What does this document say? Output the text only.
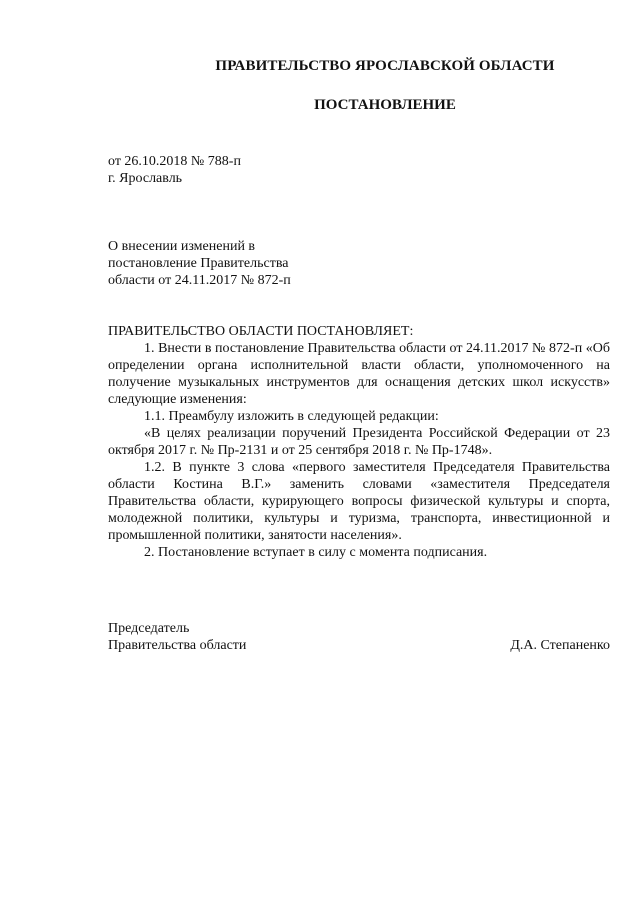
ПРАВИТЕЛЬСТВО ЯРОСЛАВСКОЙ ОБЛАСТИ
ПОСТАНОВЛЕНИЕ
от 26.10.2018 № 788-п
г. Ярославль
О внесении изменений в
постановление Правительства
области от 24.11.2017 № 872-п

ПРАВИТЕЛЬСТВО ОБЛАСТИ ПОСТАНОВЛЯЕТ:

1. Внести в постановление Правительства области от 24.11.2017 № 872-п «Об определении органа исполнительной власти области, уполномоченного на получение музыкальных инструментов для оснащения детских школ искусств» следующие изменения:

1.1. Преамбулу изложить в следующей редакции:

«В целях реализации поручений Президента Российской Федерации от 23 октября 2017 г. № Пр-2131 и от 25 сентября 2018 г. № Пр-1748».

1.2. В пункте 3 слова «первого заместителя Председателя Правительства области Костина В.Г.» заменить словами «заместителя Председателя Правительства области, курирующего вопросы физической культуры и спорта, молодежной политики, культуры и туризма, транспорта, инвестиционной и промышленной политики, занятости населения».

2. Постановление вступает в силу с момента подписания.

Председатель
Правительства области	Д.А. Степаненко
